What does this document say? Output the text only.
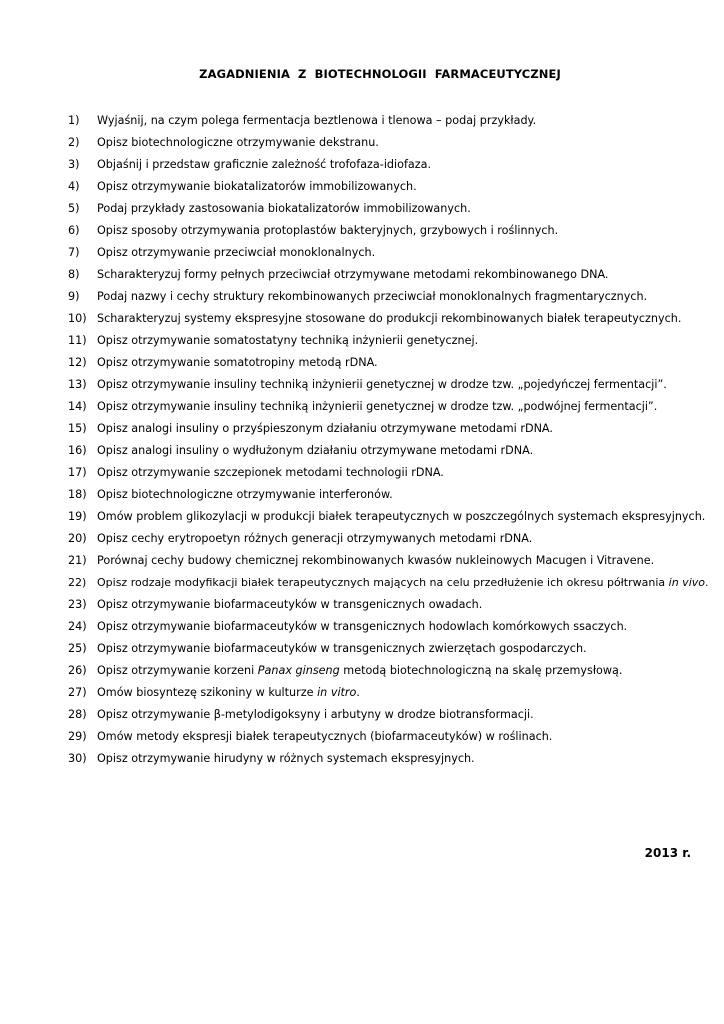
ZAGADNIENIA Z BIOTECHNOLOGII FARMACEUTYCZNEJ
1) Wyjaśnij, na czym polega fermentacja beztlenowa i tlenowa – podaj przykłady.
2) Opisz biotechnologiczne otrzymywanie dekstranu.
3) Objaśnij i przedstaw graficznie zależność trofofaza-idiofaza.
4) Opisz otrzymywanie biokatalizatorów immobilizowanych.
5) Podaj przykłady zastosowania biokatalizatorów immobilizowanych.
6) Opisz sposoby otrzymywania protoplastów bakteryjnych, grzybowych i roślinnych.
7) Opisz otrzymywanie przeciwciał monoklonalnych.
8) Scharakteryzuj formy pełnych przeciwciał otrzymywane metodami rekombinowanego DNA.
9) Podaj nazwy i cechy struktury rekombinowanych przeciwciał monoklonalnych fragmentarycznych.
10) Scharakteryzuj systemy ekspresyjne stosowane do produkcji rekombinowanych białek terapeutycznych.
11) Opisz otrzymywanie somatostatyny techniką inżynierii genetycznej.
12) Opisz otrzymywanie somatotropiny metodą rDNA.
13) Opisz otrzymywanie insuliny techniką inżynierii genetycznej w drodze tzw. „pojedyńczej fermentacji”.
14) Opisz otrzymywanie insuliny techniką inżynierii genetycznej w drodze tzw. „podwójnej fermentacji”.
15) Opisz analogi insuliny o przyśpieszonym działaniu otrzymywane metodami rDNA.
16) Opisz analogi insuliny o wydłużonym działaniu otrzymywane metodami rDNA.
17) Opisz otrzymywanie szczepionek metodami technologii rDNA.
18) Opisz biotechnologiczne otrzymywanie interferonów.
19) Omów problem glikozylacji w produkcji białek terapeutycznych w poszczególnych systemach ekspresyjnych.
20) Opisz cechy erytropoetyn różnych generacji otrzymywanych metodami rDNA.
21) Porównaj cechy budowy chemicznej rekombinowanych kwasów nukleinowych Macugen i Vitravene.
22) Opisz rodzaje modyfikacji białek terapeutycznych mających na celu przedłużenie ich okresu półtrwania in vivo.
23) Opisz otrzymywanie biofarmaceutyków w transgenicznych owadach.
24) Opisz otrzymywanie biofarmaceutyków w transgenicznych hodowlach komórkowych ssaczych.
25) Opisz otrzymywanie biofarmaceutyków w transgenicznych zwierzętach gospodarczych.
26) Opisz otrzymywanie korzeni Panax ginseng metodą biotechnologiczną na skalę przemysłową.
27) Omów biosyntezę szikoniny w kulturze in vitro.
28) Opisz otrzymywanie β-metylodigoksyny i arbutyny w drodze biotransformacji.
29) Omów metody ekspresji białek terapeutycznych (biofarmaceutyków) w roślinach.
30) Opisz otrzymywanie hirudyny w różnych systemach ekspresyjnych.
2013 r.
